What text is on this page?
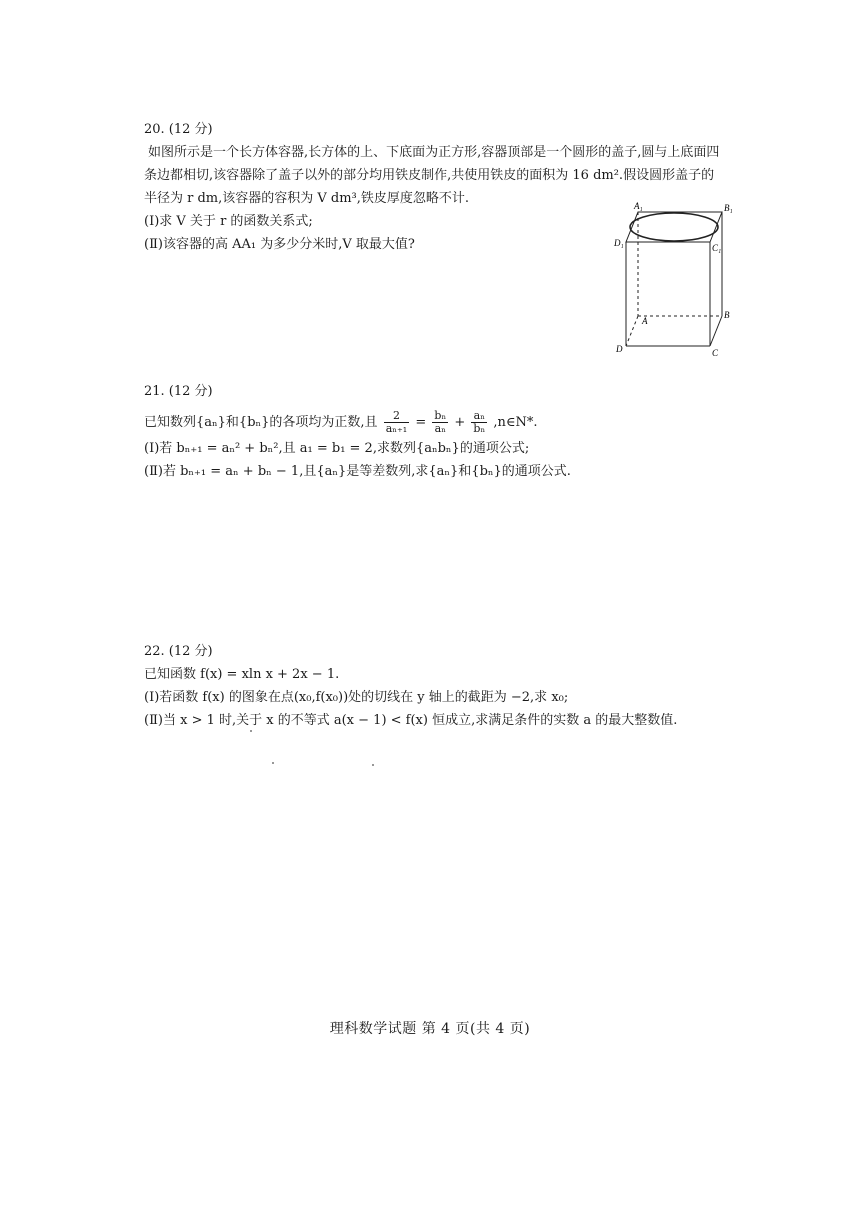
20. (12 分)
如图所示是一个长方体容器,长方体的上、下底面为正方形,容器顶部是一个圆形的盖子,圆与上底面四
条边都相切,该容器除了盖子以外的部分均用铁皮制作,共使用铁皮的面积为 16 dm².假设圆形盖子的
半径为 r dm,该容器的容积为 V dm³,铁皮厚度忽略不计.
(Ⅰ)求 V 关于 r 的函数关系式;
(Ⅱ)该容器的高 AA₁ 为多少分米时,V 取最大值?
A₁	B₁
C₁
D₁
A
B
C
D
21. (12 分)
已知数列{aₙ}和{bₙ}的各项均为正数,且 $\frac{2}{\text{aₙ₊₁}} = \frac{\text{bₙ}}{\text{aₙ}} + \frac{\text{aₙ}}{\text{bₙ}}$ ,n∈N*.
(Ⅰ)若 bₙ₊₁ = aₙ² + bₙ²,且 a₁ = b₁ = 2,求数列{aₙbₙ}的通项公式;
(Ⅱ)若 bₙ₊₁ = aₙ + bₙ − 1,且{aₙ}是等差数列,求{aₙ}和{bₙ}的通项公式.
22. (12 分)
已知函数 f(x) = xln x + 2x − 1.
(Ⅰ)若函数 f(x) 的图象在点(x₀,f(x₀))处的切线在 y 轴上的截距为 −2,求 x₀;
(Ⅱ)当 x > 1 时,关于 x 的不等式 a(x − 1) < f(x) 恒成立,求满足条件的实数 a 的最大整数值.
理科数学试题 第 4 页(共 4 页)
